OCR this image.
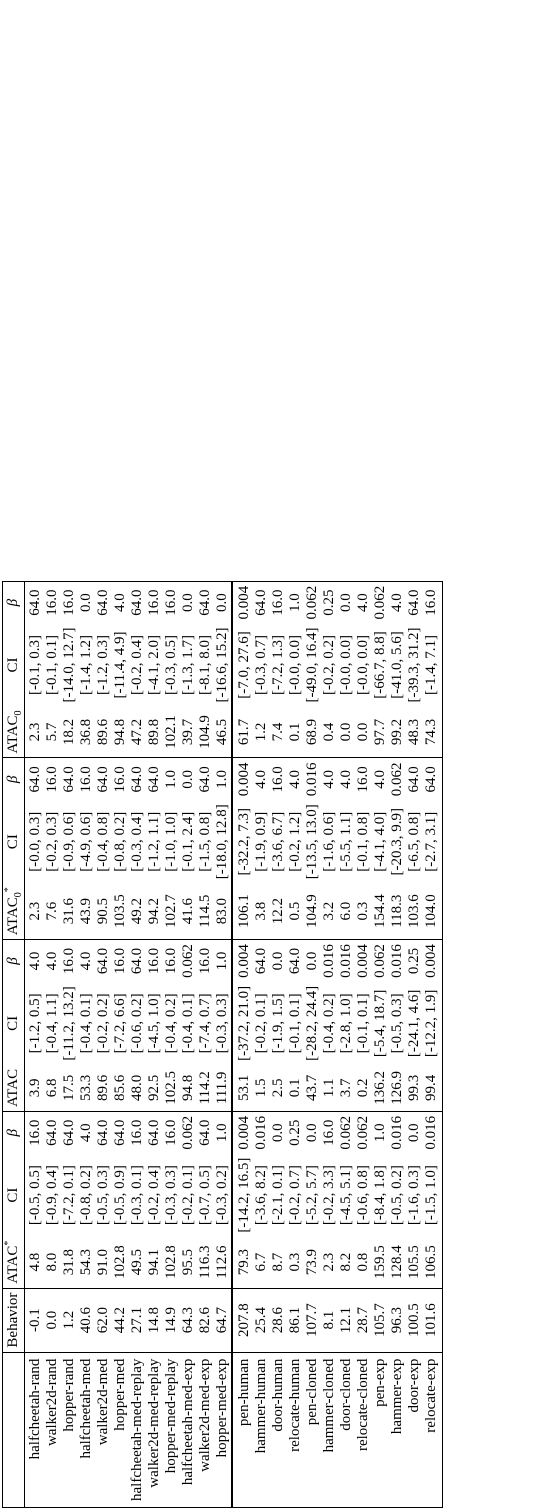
	Behavior	ATAC*	CI	β	ATAC	CI	β	$ATAC_0^*$	CI	β	$ATAC_0$	CI	β
halfcheetah-rand	-0.1	4.8	[-0.5, 0.5]	16.0	3.9	[-1.2, 0.5]	4.0	2.3	[-0.0, 0.3]	64.0	2.3	[-0.1, 0.3]	64.0
walker2d-rand	0.0	8.0	[-0.9, 0.4]	64.0	6.8	[-0.4, 1.1]	4.0	7.6	[-0.2, 0.3]	16.0	5.7	[-0.1, 0.1]	16.0
hopper-rand	1.2	31.8	[-7.2, 0.1]	64.0	17.5	[-11.2, 13.2]	16.0	31.6	[-0.9, 0.6]	64.0	18.2	[-14.0, 12.7]	16.0
halfcheetah-med	40.6	54.3	[-0.8, 0.2]	4.0	53.3	[-0.4, 0.1]	4.0	43.9	[-4.9, 0.6]	16.0	36.8	[-1.4, 1.2]	0.0
walker2d-med	62.0	91.0	[-0.5, 0.3]	64.0	89.6	[-0.2, 0.2]	64.0	90.5	[-0.4, 0.8]	64.0	89.6	[-1.2, 0.3]	64.0
hopper-med	44.2	102.8	[-0.5, 0.9]	64.0	85.6	[-7.2, 6.6]	16.0	103.5	[-0.8, 0.2]	16.0	94.8	[-11.4, 4.9]	4.0
halfcheetah-med-replay	27.1	49.5	[-0.3, 0.1]	16.0	48.0	[-0.6, 0.2]	64.0	49.2	[-0.3, 0.4]	64.0	47.2	[-0.2, 0.4]	64.0
walker2d-med-replay	14.8	94.1	[-0.2, 0.4]	64.0	92.5	[-4.5, 1.0]	16.0	94.2	[-1.2, 1.1]	64.0	89.8	[-4.1, 2.0]	16.0
hopper-med-replay	14.9	102.8	[-0.3, 0.3]	16.0	102.5	[-0.4, 0.2]	16.0	102.7	[-1.0, 1.0]	1.0	102.1	[-0.3, 0.5]	16.0
halfcheetah-med-exp	64.3	95.5	[-0.2, 0.1]	0.062	94.8	[-0.4, 0.1]	0.062	41.6	[-0.1, 2.4]	0.0	39.7	[-1.3, 1.7]	0.0
walker2d-med-exp	82.6	116.3	[-0.7, 0.5]	64.0	114.2	[-7.4, 0.7]	16.0	114.5	[-1.5, 0.8]	64.0	104.9	[-8.1, 8.0]	64.0
hopper-med-exp	64.7	112.6	[-0.3, 0.2]	1.0	111.9	[-0.3, 0.3]	1.0	83.0	[-18.0, 12.8]	1.0	46.5	[-16.6, 15.2]	0.0
pen-human	207.8	79.3	[-14.2, 16.5]	0.004	53.1	[-37.2, 21.0]	0.004	106.1	[-32.2, 7.3]	0.004	61.7	[-7.0, 27.6]	0.004
hammer-human	25.4	6.7	[-3.6, 8.2]	0.016	1.5	[-0.2, 0.1]	64.0	3.8	[-1.9, 0.9]	4.0	1.2	[-0.3, 0.7]	64.0
door-human	28.6	8.7	[-2.1, 0.1]	0.0	2.5	[-1.9, 1.5]	0.0	12.2	[-3.6, 6.7]	16.0	7.4	[-7.2, 1.3]	16.0
relocate-human	86.1	0.3	[-0.2, 0.7]	0.25	0.1	[-0.1, 0.1]	64.0	0.5	[-0.2, 1.2]	4.0	0.1	[-0.0, 0.0]	1.0
pen-cloned	107.7	73.9	[-5.2, 5.7]	0.0	43.7	[-28.2, 24.4]	0.0	104.9	[-13.5, 13.0]	0.016	68.9	[-49.0, 16.4]	0.062
hammer-cloned	8.1	2.3	[-0.2, 3.3]	16.0	1.1	[-0.4, 0.2]	0.016	3.2	[-1.6, 0.6]	4.0	0.4	[-0.2, 0.2]	0.25
door-cloned	12.1	8.2	[-4.5, 5.1]	0.062	3.7	[-2.8, 1.0]	0.016	6.0	[-5.5, 1.1]	4.0	0.0	[-0.0, 0.0]	0.0
relocate-cloned	28.7	0.8	[-0.6, 0.8]	0.062	0.2	[-0.1, 0.1]	0.004	0.3	[-0.1, 0.8]	16.0	0.0	[-0.0, 0.0]	4.0
pen-exp	105.7	159.5	[-8.4, 1.8]	1.0	136.2	[-5.4, 18.7]	0.062	154.4	[-4.1, 4.0]	4.0	97.7	[-66.7, 8.8]	0.062
hammer-exp	96.3	128.4	[-0.5, 0.2]	0.016	126.9	[-0.5, 0.3]	0.016	118.3	[-20.3, 9.9]	0.062	99.2	[-41.0, 5.6]	4.0
door-exp	100.5	105.5	[-1.6, 0.3]	0.0	99.3	[-24.1, 4.6]	0.25	103.6	[-6.5, 0.8]	64.0	48.3	[-39.3, 31.2]	64.0
relocate-exp	101.6	106.5	[-1.5, 1.0]	0.016	99.4	[-12.2, 1.9]	0.004	104.0	[-2.7, 3.1]	64.0	74.3	[-1.4, 7.1]	16.0
